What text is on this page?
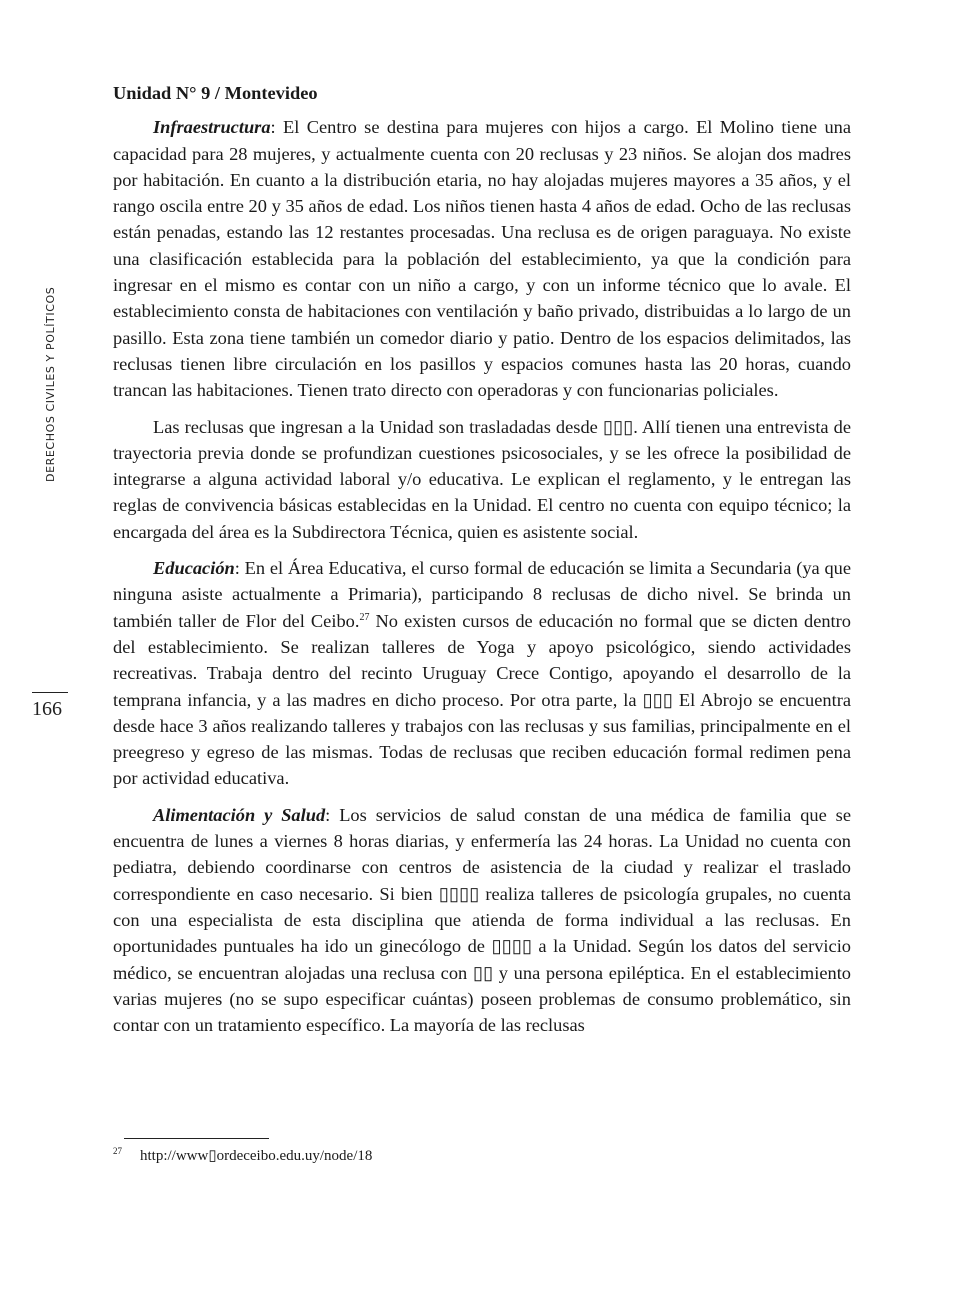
DERECHOS CIVILES Y POLÍTICOS
166
Unidad N° 9 / Montevideo

Infraestructura: El Centro se destina para mujeres con hijos a cargo. El Molino tiene una capacidad para 28 mujeres, y actualmente cuenta con 20 reclusas y 23 niños. Se alojan dos madres por habitación. En cuanto a la distribución etaria, no hay alojadas mujeres mayores a 35 años, y el rango oscila entre 20 y 35 años de edad. Los niños tienen hasta 4 años de edad. Ocho de las reclusas están penadas, estando las 12 restantes procesadas. Una reclusa es de origen paraguaya. No existe una clasificación establecida para la población del establecimiento, ya que la condición para ingresar en el mismo es contar con un niño a cargo, y con un informe técnico que lo avale. El establecimiento consta de habitaciones con ventilación y baño privado, distribuidas a lo largo de un pasillo. Esta zona tiene también un comedor diario y patio. Dentro de los espacios delimitados, las reclusas tienen libre circulación en los pasillos y espacios comunes hasta las 20 horas, cuando trancan las habitaciones. Tienen trato directo con operadoras y con funcionarias policiales.

Las reclusas que ingresan a la Unidad son trasladadas desde ▯▯▯. Allí tienen una entrevista de trayectoria previa donde se profundizan cuestiones psicosociales, y se les ofrece la posibilidad de integrarse a alguna actividad laboral y/o educativa. Le explican el reglamento, y le entregan las reglas de convivencia básicas establecidas en la Unidad. El centro no cuenta con equipo técnico; la encargada del área es la Subdirectora Técnica, quien es asistente social.

Educación: En el Área Educativa, el curso formal de educación se limita a Secundaria (ya que ninguna asiste actualmente a Primaria), participando 8 reclusas de dicho nivel. Se brinda un también taller de Flor del Ceibo.$^{27}$ No existen cursos de educación no formal que se dicten dentro del establecimiento. Se realizan talleres de Yoga y apoyo psicológico, siendo actividades recreativas. Trabaja dentro del recinto Uruguay Crece Contigo, apoyando el desarrollo de la temprana infancia, y a las madres en dicho proceso. Por otra parte, la ▯▯▯ El Abrojo se encuentra desde hace 3 años realizando talleres y trabajos con las reclusas y sus familias, principalmente en el preegreso y egreso de las mismas. Todas de reclusas que reciben educación formal redimen pena por actividad educativa.

Alimentación y Salud: Los servicios de salud constan de una médica de familia que se encuentra de lunes a viernes 8 horas diarias, y enfermería las 24 horas. La Unidad no cuenta con pediatra, debiendo coordinarse con centros de asistencia de la ciudad y realizar el traslado correspondiente en caso necesario. Si bien ▯▯▯▯ realiza talleres de psicología grupales, no cuenta con una especialista de esta disciplina que atienda de forma individual a las reclusas. En oportunidades puntuales ha ido un ginecólogo de ▯▯▯▯ a la Unidad. Según los datos del servicio médico, se encuentran alojadas una reclusa con ▯▯ y una persona epiléptica. En el establecimiento varias mujeres (no se supo especificar cuántas) poseen problemas de consumo problemático, sin contar con un tratamiento específico. La mayoría de las reclusas

$^{27}$ http://www▯ordeceibo.edu.uy/node/18
